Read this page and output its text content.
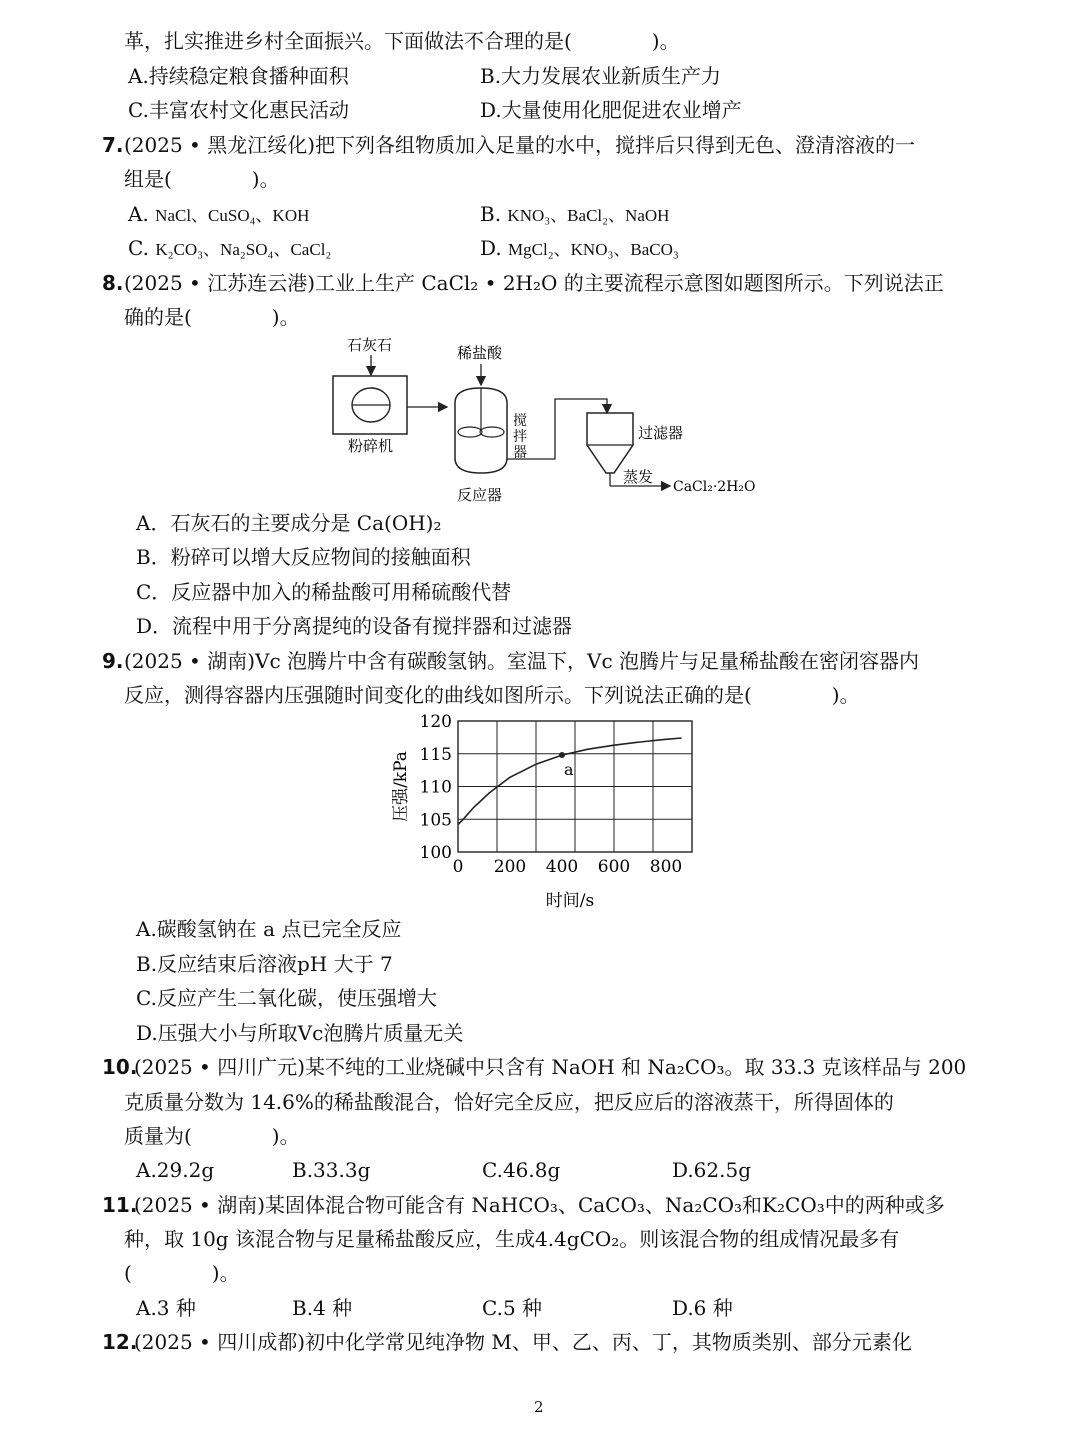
革，扎实推进乡村全面振兴。下面做法不合理的是(　　　　)。
A.持续稳定粮食播种面积	B.大力发展农业新质生产力
C.丰富农村文化惠民活动	D.大量使用化肥促进农业增产
7. (2025 • 黑龙江绥化)把下列各组物质加入足量的水中，搅拌后只得到无色、澄清溶液的一
组是(　　　　)。
A. NaCl、CuSO₄、KOH	B. KNO₃、BaCl₂、NaOH
C. K₂CO₃、Na₂SO₄、CaCl₂	D. MgCl₂、KNO₃、BaCO₃
8. (2025 • 江苏连云港)工业上生产 CaCl₂ • 2H₂O 的主要流程示意图如题图所示。下列说法正
确的是(　　　　)。
石灰石
粉碎机
稀盐酸
搅
拌
器
反应器
过滤器
蒸发
CaCl₂·2H₂O
A．石灰石的主要成分是 Ca(OH)₂
B．粉碎可以增大反应物间的接触面积
C．反应器中加入的稀盐酸可用稀硫酸代替
D．流程中用于分离提纯的设备有搅拌器和过滤器
9. (2025 • 湖南)Vc 泡腾片中含有碳酸氢钠。室温下，Vc 泡腾片与足量稀盐酸在密闭容器内
反应，测得容器内压强随时间变化的曲线如图所示。下列说法正确的是(　　　　)。
100
105
110
115
120
0 200 400 600 800
a
压强/kPa
时间/s
A.碳酸氢钠在 a 点已完全反应
B.反应结束后溶液pH 大于 7
C.反应产生二氧化碳，使压强增大
D.压强大小与所取Vc泡腾片质量无关
10.
(2025 • 四川广元)某不纯的工业烧碱中只含有 NaOH 和 Na₂CO₃。取 33.3 克该样品与 200
克质量分数为 14.6%的稀盐酸混合，恰好完全反应，把反应后的溶液蒸干，所得固体的
质量为(　　　　)。
A.29.2g	B.33.3g	C.46.8g	D.62.5g
11.
(2025 • 湖南)某固体混合物可能含有 NaHCO₃、CaCO₃、Na₂CO₃和K₂CO₃中的两种或多
种，取 10g 该混合物与足量稀盐酸反应，生成4.4gCO₂。则该混合物的组成情况最多有
(　　　　)。
A.3 种	B.4 种	C.5 种	D.6 种
12.
(2025 • 四川成都)初中化学常见纯净物 M、甲、乙、丙、丁，其物质类别、部分元素化
2
